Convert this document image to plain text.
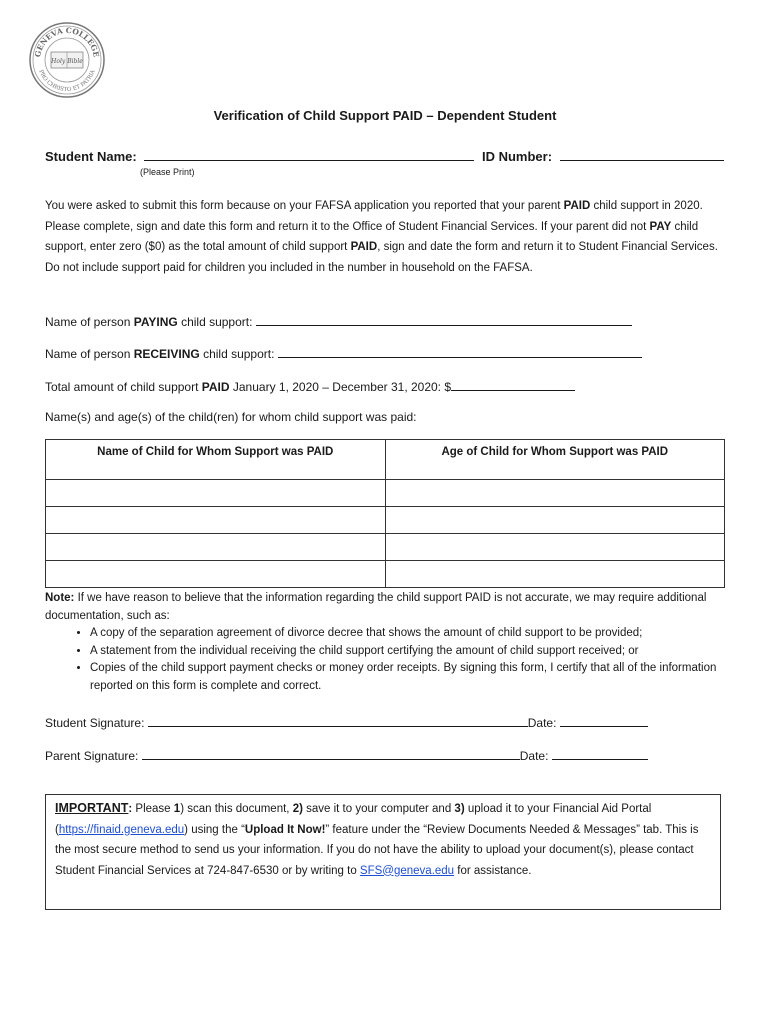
GENEVA COLLEGE
PRO CHRISTO ET PATRIA
Holy Bible
Verification of Child Support PAID – Dependent Student
Student Name:	ID Number:
(Please Print)
You were asked to submit this form because on your FAFSA application you reported that your parent PAID child support in 2020. Please complete, sign and date this form and return it to the Office of Student Financial Services. If your parent did not PAY child support, enter zero ($0) as the total amount of child support PAID, sign and date the form and return it to Student Financial Services. Do not include support paid for children you included in the number in household on the FAFSA.
Name of person PAYING child support:
Name of person RECEIVING child support:
Total amount of child support PAID January 1, 2020 – December 31, 2020: $
Name(s) and age(s) of the child(ren) for whom child support was paid:
Name of Child for Whom Support was PAID	Age of Child for Whom Support was PAID

Note: If we have reason to believe that the information regarding the child support PAID is not accurate, we may require additional documentation, such as:
• A copy of the separation agreement of divorce decree that shows the amount of child support to be provided;
• A statement from the individual receiving the child support certifying the amount of child support received; or
• Copies of the child support payment checks or money order receipts. By signing this form, I certify that all of the information reported on this form is complete and correct.
Student Signature:	Date:
Parent Signature:	Date:
IMPORTANT: Please 1) scan this document, 2) save it to your computer and 3) upload it to your Financial Aid Portal (https://finaid.geneva.edu) using the “Upload It Now!” feature under the “Review Documents Needed & Messages” tab. This is the most secure method to send us your information. If you do not have the ability to upload your document(s), please contact Student Financial Services at 724-847-6530 or by writing to SFS@geneva.edu for assistance.
